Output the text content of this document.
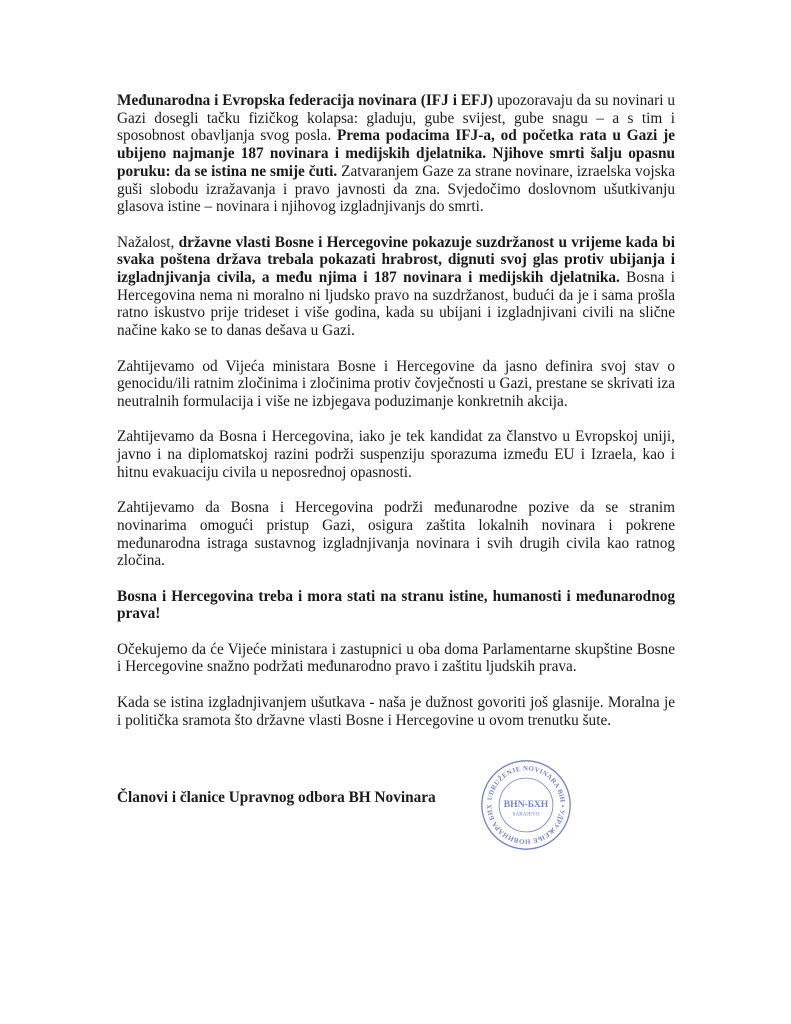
Međunarodna i Evropska federacija novinara (IFJ i EFJ) upozoravaju da su novinari u Gazi dosegli tačku fizičkog kolapsa: gladuju, gube svijest, gube snagu – a s tim i sposobnost obavljanja svog posla. Prema podacima IFJ-a, od početka rata u Gazi je ubijeno najmanje 187 novinara i medijskih djelatnika. Njihove smrti šalju opasnu poruku: da se istina ne smije čuti. Zatvaranjem Gaze za strane novinare, izraelska vojska guši slobodu izražavanja i pravo javnosti da zna. Svjedočimo doslovnom ušutkivanju glasova istine – novinara i njihovog izgladnjivanjs do smrti.

Nažalost, državne vlasti Bosne i Hercegovine pokazuje suzdržanost u vrijeme kada bi svaka poštena država trebala pokazati hrabrost, dignuti svoj glas protiv ubijanja i izgladnjivanja civila, a među njima i 187 novinara i medijskih djelatnika. Bosna i Hercegovina nema ni moralno ni ljudsko pravo na suzdržanost, budući da je i sama prošla ratno iskustvo prije trideset i više godina, kada su ubijani i izgladnjivani civili na slične načine kako se to danas dešava u Gazi.

Zahtijevamo od Vijeća ministara Bosne i Hercegovine da jasno definira svoj stav o genocidu/ili ratnim zločinima i zločinima protiv čovječnosti u Gazi, prestane se skrivati iza neutralnih formulacija i više ne izbjegava poduzimanje konkretnih akcija.

Zahtijevamo da Bosna i Hercegovina, iako je tek kandidat za članstvo u Evropskoj uniji, javno i na diplomatskoj razini podrži suspenziju sporazuma između EU i Izraela, kao i hitnu evakuaciju civila u neposrednoj opasnosti.

Zahtijevamo da Bosna i Hercegovina podrži međunarodne pozive da se stranim novinarima omogući pristup Gazi, osigura zaštita lokalnih novinara i pokrene međunarodna istraga sustavnog izgladnjivanja novinara i svih drugih civila kao ratnog zločina.

Bosna i Hercegovina treba i mora stati na stranu istine, humanosti i međunarodnog prava!

Očekujemo da će Vijeće ministara i zastupnici u oba doma Parlamentarne skupštine Bosne i Hercegovine snažno podržati međunarodno pravo i zaštitu ljudskih prava.

Kada se istina izgladnjivanjem ušutkava - naša je dužnost govoriti još glasnije. Moralna je i politička sramota što državne vlasti Bosne i Hercegovine u ovom trenutku šute.

Članovi i članice Upravnog odbora BH Novinara	UDRUŽENJE NOVINARA BiH • УДРУЖЕЊЕ НОВИНАРА БИХ	BHN-БХН
SARAJEVO
